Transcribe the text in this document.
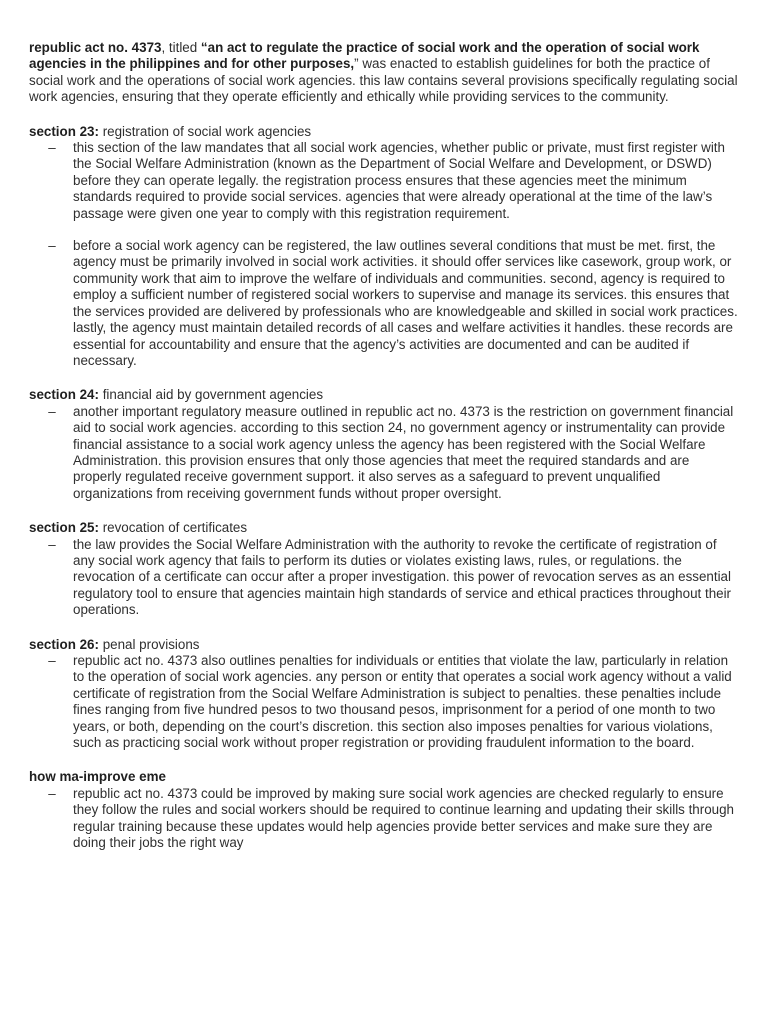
republic act no. 4373, titled “an act to regulate the practice of social work and the operation of social work agencies in the philippines and for other purposes,” was enacted to establish guidelines for both the practice of social work and the operations of social work agencies. this law contains several provisions specifically regulating social work agencies, ensuring that they operate efficiently and ethically while providing services to the community.

section 23: registration of social work agencies

– this section of the law mandates that all social work agencies, whether public or private, must first register with the Social Welfare Administration (known as the Department of Social Welfare and Development, or DSWD) before they can operate legally. the registration process ensures that these agencies meet the minimum standards required to provide social services. agencies that were already operational at the time of the law’s passage were given one year to comply with this registration requirement.
– before a social work agency can be registered, the law outlines several conditions that must be met. first, the agency must be primarily involved in social work activities. it should offer services like casework, group work, or community work that aim to improve the welfare of individuals and communities. second, agency is required to employ a sufficient number of registered social workers to supervise and manage its services. this ensures that the services provided are delivered by professionals who are knowledgeable and skilled in social work practices. lastly, the agency must maintain detailed records of all cases and welfare activities it handles. these records are essential for accountability and ensure that the agency’s activities are documented and can be audited if necessary.

section 24: financial aid by government agencies

– another important regulatory measure outlined in republic act no. 4373 is the restriction on government financial aid to social work agencies. according to this section 24, no government agency or instrumentality can provide financial assistance to a social work agency unless the agency has been registered with the Social Welfare Administration. this provision ensures that only those agencies that meet the required standards and are properly regulated receive government support. it also serves as a safeguard to prevent unqualified organizations from receiving government funds without proper oversight.

section 25: revocation of certificates

– the law provides the Social Welfare Administration with the authority to revoke the certificate of registration of any social work agency that fails to perform its duties or violates existing laws, rules, or regulations. the revocation of a certificate can occur after a proper investigation. this power of revocation serves as an essential regulatory tool to ensure that agencies maintain high standards of service and ethical practices throughout their operations.

section 26: penal provisions

– republic act no. 4373 also outlines penalties for individuals or entities that violate the law, particularly in relation to the operation of social work agencies. any person or entity that operates a social work agency without a valid certificate of registration from the Social Welfare Administration is subject to penalties. these penalties include fines ranging from five hundred pesos to two thousand pesos, imprisonment for a period of one month to two years, or both, depending on the court’s discretion. this section also imposes penalties for various violations, such as practicing social work without proper registration or providing fraudulent information to the board.

how ma-improve eme

– republic act no. 4373 could be improved by making sure social work agencies are checked regularly to ensure they follow the rules and social workers should be required to continue learning and updating their skills through regular training because these updates would help agencies provide better services and make sure they are doing their jobs the right way
